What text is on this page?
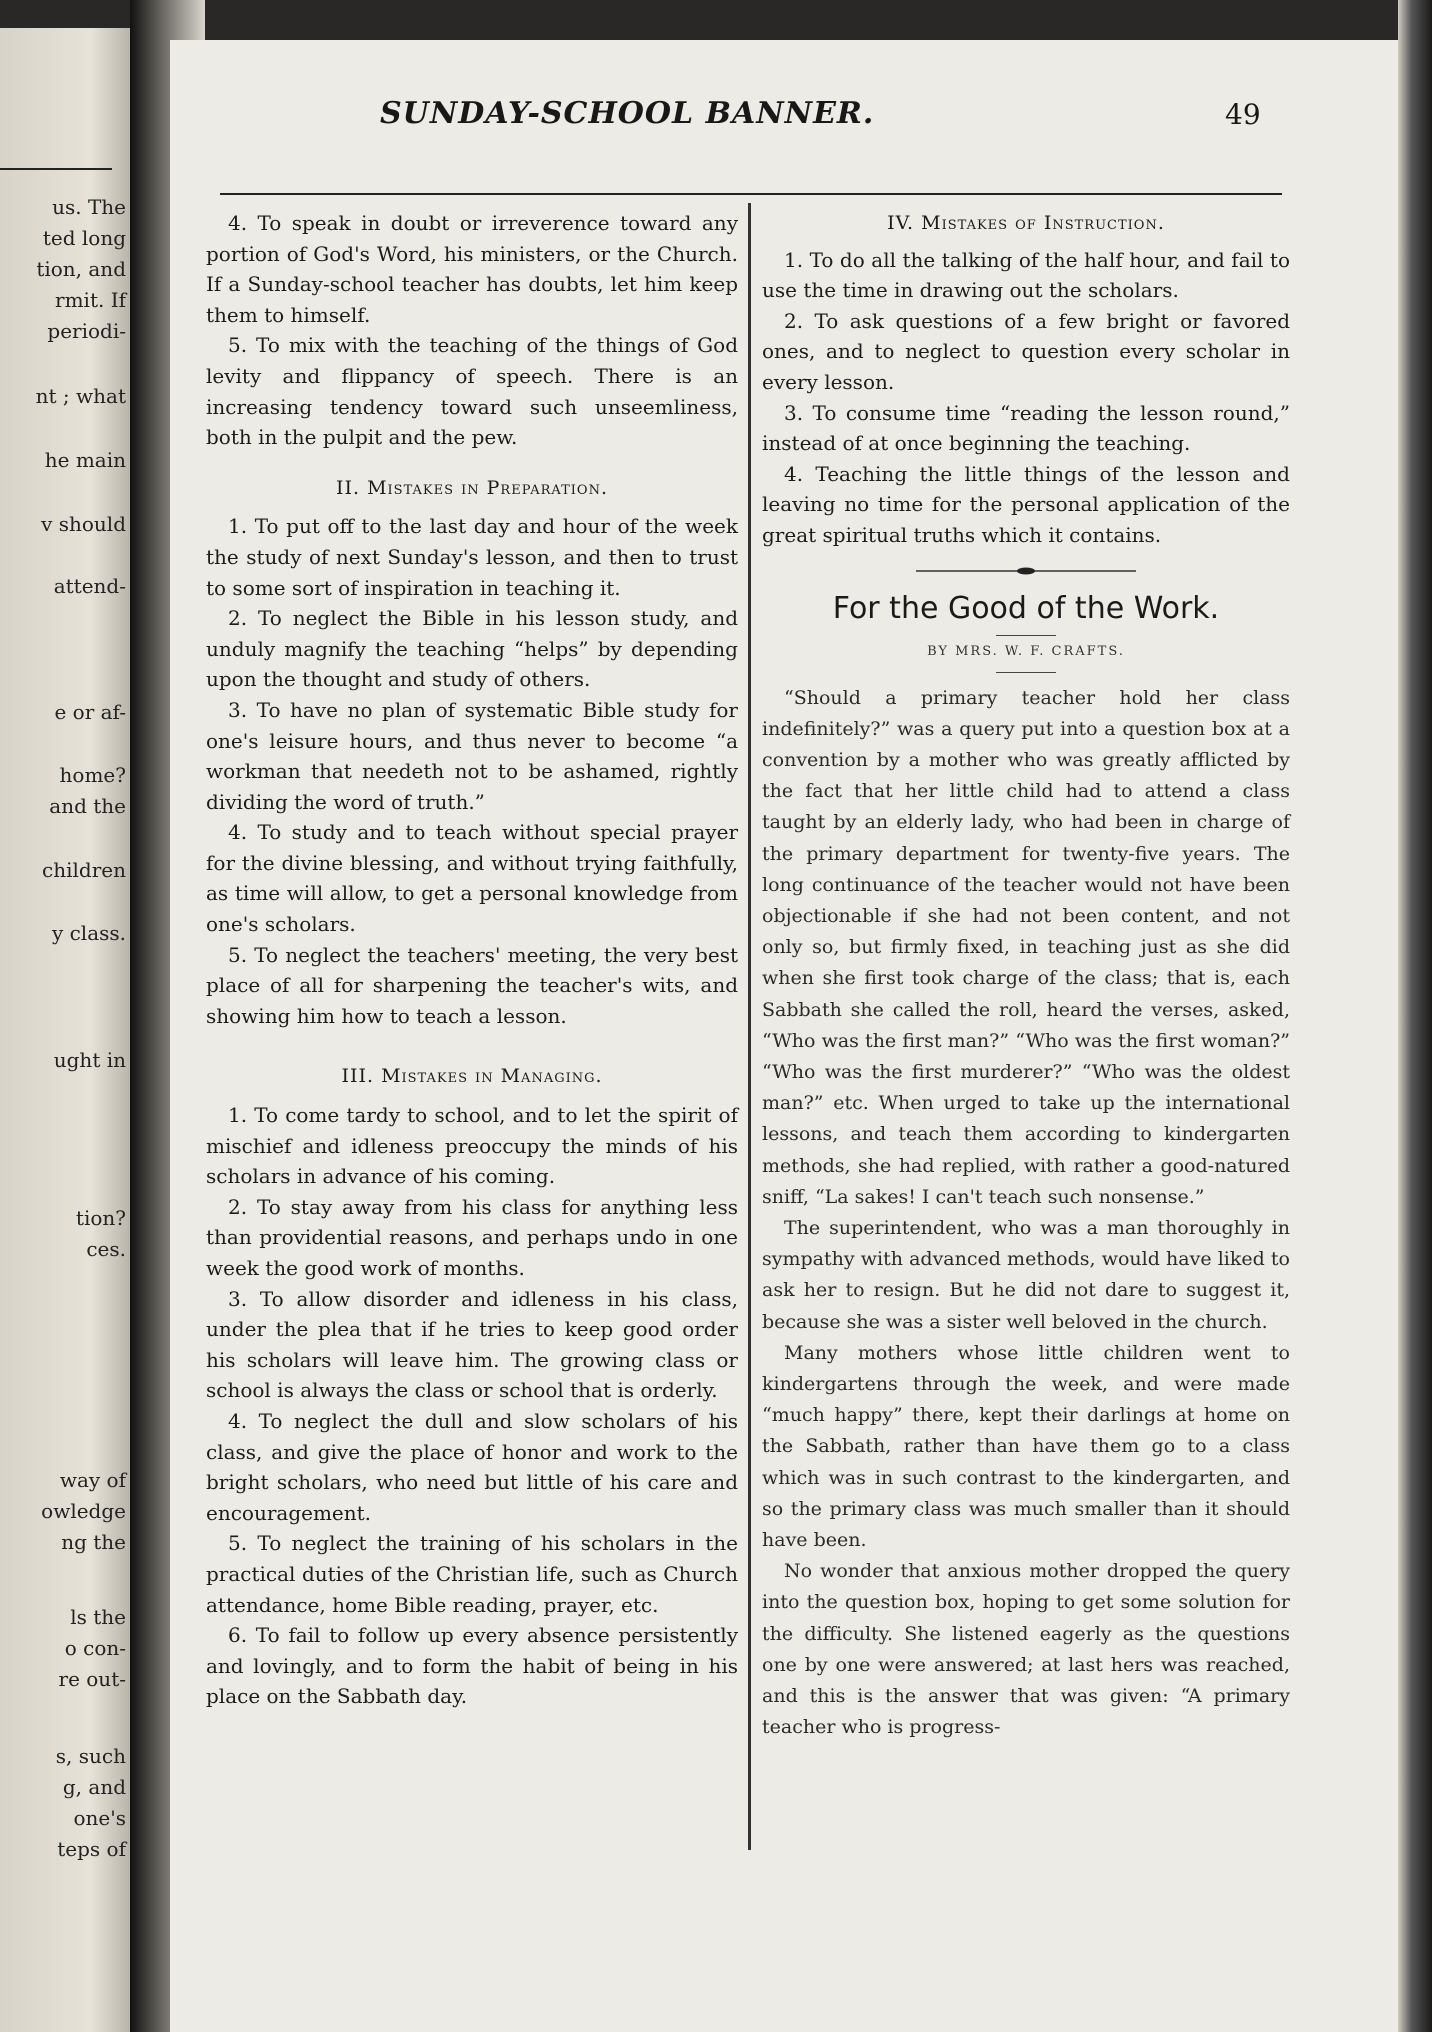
us. The
ted long
tion, and
rmit. If
periodi-
nt ; what
he main
v should
attend-
e or af-
home?
and the
children
y class.
ught in
tion?
ces.
way of
owledge
ng the
ls the
o con-
re out-
s, such
g, and
one's
teps of
SUNDAY-SCHOOL BANNER.	49

4. To speak in doubt or irreverence toward any portion of God's Word, his ministers, or the Church. If a Sunday-school teacher has doubts, let him keep them to himself.

5. To mix with the teaching of the things of God levity and flippancy of speech. There is an increasing tendency toward such unseemliness, both in the pulpit and the pew.

II. Mistakes in Preparation.

1. To put off to the last day and hour of the week the study of next Sunday's lesson, and then to trust to some sort of inspiration in teaching it.

2. To neglect the Bible in his lesson study, and unduly magnify the teaching “helps” by depending upon the thought and study of others.

3. To have no plan of systematic Bible study for one's leisure hours, and thus never to become “a workman that needeth not to be ashamed, rightly dividing the word of truth.”

4. To study and to teach without special prayer for the divine blessing, and without trying faithfully, as time will allow, to get a personal knowledge from one's scholars.

5. To neglect the teachers' meeting, the very best place of all for sharpening the teacher's wits, and showing him how to teach a lesson.

III. Mistakes in Managing.

1. To come tardy to school, and to let the spirit of mischief and idleness preoccupy the minds of his scholars in advance of his coming.

2. To stay away from his class for anything less than providential reasons, and perhaps undo in one week the good work of months.

3. To allow disorder and idleness in his class, under the plea that if he tries to keep good order his scholars will leave him. The growing class or school is always the class or school that is orderly.

4. To neglect the dull and slow scholars of his class, and give the place of honor and work to the bright scholars, who need but little of his care and encouragement.

5. To neglect the training of his scholars in the practical duties of the Christian life, such as Church attendance, home Bible reading, prayer, etc.

6. To fail to follow up every absence persistently and lovingly, and to form the habit of being in his place on the Sabbath day.

IV. Mistakes of Instruction.

1. To do all the talking of the half hour, and fail to use the time in drawing out the scholars.

2. To ask questions of a few bright or favored ones, and to neglect to question every scholar in every lesson.

3. To consume time “reading the lesson round,” instead of at once beginning the teaching.

4. Teaching the little things of the lesson and leaving no time for the personal application of the great spiritual truths which it contains.

For the Good of the Work.
BY MRS. W. F. CRAFTS.

“Should a primary teacher hold her class indefinitely?” was a query put into a question box at a convention by a mother who was greatly afflicted by the fact that her little child had to attend a class taught by an elderly lady, who had been in charge of the primary department for twenty-five years. The long continuance of the teacher would not have been objectionable if she had not been content, and not only so, but firmly fixed, in teaching just as she did when she first took charge of the class; that is, each Sabbath she called the roll, heard the verses, asked, “Who was the first man?” “Who was the first woman?” “Who was the first murderer?” “Who was the oldest man?” etc. When urged to take up the international lessons, and teach them according to kindergarten methods, she had replied, with rather a good-natured sniff, “La sakes! I can't teach such nonsense.”

The superintendent, who was a man thoroughly in sympathy with advanced methods, would have liked to ask her to resign. But he did not dare to suggest it, because she was a sister well beloved in the church.

Many mothers whose little children went to kindergartens through the week, and were made “much happy” there, kept their darlings at home on the Sabbath, rather than have them go to a class which was in such contrast to the kindergarten, and so the primary class was much smaller than it should have been.

No wonder that anxious mother dropped the query into the question box, hoping to get some solution for the difficulty. She listened eagerly as the questions one by one were answered; at last hers was reached, and this is the answer that was given: “A primary teacher who is progress-
